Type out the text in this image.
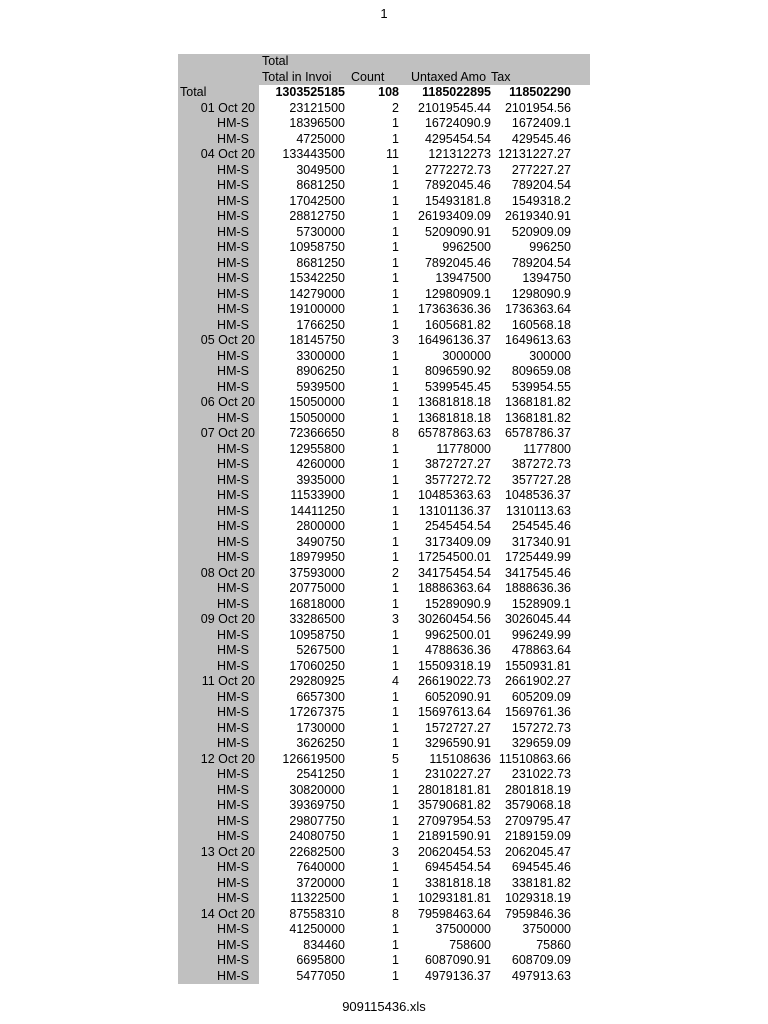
1
Total
Total in Invoi	Count	Untaxed Amo Tax
Total	1303525185	108	1185022895	118502290
01 Oct 20	23121500	2	21019545.44	2101954.56
HM-S	18396500	1	16724090.9	1672409.1
HM-S	4725000	1	4295454.54	429545.46
04 Oct 20	133443500	11	121312273 12131227.27
HM-S	3049500	1	2772272.73	277227.27
HM-S	8681250	1	7892045.46	789204.54
HM-S	17042500	1	15493181.8	1549318.2
HM-S	28812750	1	26193409.09	2619340.91
HM-S	5730000	1	5209090.91	520909.09
HM-S	10958750	1	9962500	996250
HM-S	8681250	1	7892045.46	789204.54
HM-S	15342250	1	13947500	1394750
HM-S	14279000	1	12980909.1	1298090.9
HM-S	19100000	1	17363636.36	1736363.64
HM-S	1766250	1	1605681.82	160568.18
05 Oct 20	18145750	3	16496136.37	1649613.63
HM-S	3300000	1	3000000	300000
HM-S	8906250	1	8096590.92	809659.08
HM-S	5939500	1	5399545.45	539954.55
06 Oct 20	15050000	1	13681818.18	1368181.82
HM-S	15050000	1	13681818.18	1368181.82
07 Oct 20	72366650	8	65787863.63	6578786.37
HM-S	12955800	1	11778000	1177800
HM-S	4260000	1	3872727.27	387272.73
HM-S	3935000	1	3577272.72	357727.28
HM-S	11533900	1	10485363.63	1048536.37
HM-S	14411250	1	13101136.37	1310113.63
HM-S	2800000	1	2545454.54	254545.46
HM-S	3490750	1	3173409.09	317340.91
HM-S	18979950	1	17254500.01	1725449.99
08 Oct 20	37593000	2	34175454.54	3417545.46
HM-S	20775000	1	18886363.64	1888636.36
HM-S	16818000	1	15289090.9	1528909.1
09 Oct 20	33286500	3	30260454.56	3026045.44
HM-S	10958750	1	9962500.01	996249.99
HM-S	5267500	1	4788636.36	478863.64
HM-S	17060250	1	15509318.19	1550931.81
11 Oct 20	29280925	4	26619022.73	2661902.27
HM-S	6657300	1	6052090.91	605209.09
HM-S	17267375	1	15697613.64	1569761.36
HM-S	1730000	1	1572727.27	157272.73
HM-S	3626250	1	3296590.91	329659.09
12 Oct 20	126619500	5	115108636 11510863.66
HM-S	2541250	1	2310227.27	231022.73
HM-S	30820000	1	28018181.81	2801818.19
HM-S	39369750	1	35790681.82	3579068.18
HM-S	29807750	1	27097954.53	2709795.47
HM-S	24080750	1	21891590.91	2189159.09
13 Oct 20	22682500	3	20620454.53	2062045.47
HM-S	7640000	1	6945454.54	694545.46
HM-S	3720000	1	3381818.18	338181.82
HM-S	11322500	1	10293181.81	1029318.19
14 Oct 20	87558310	8	79598463.64	7959846.36
HM-S	41250000	1	37500000	3750000
HM-S	834460	1	758600	75860
HM-S	6695800	1	6087090.91	608709.09
HM-S	5477050	1	4979136.37	497913.63
909115436.xls
